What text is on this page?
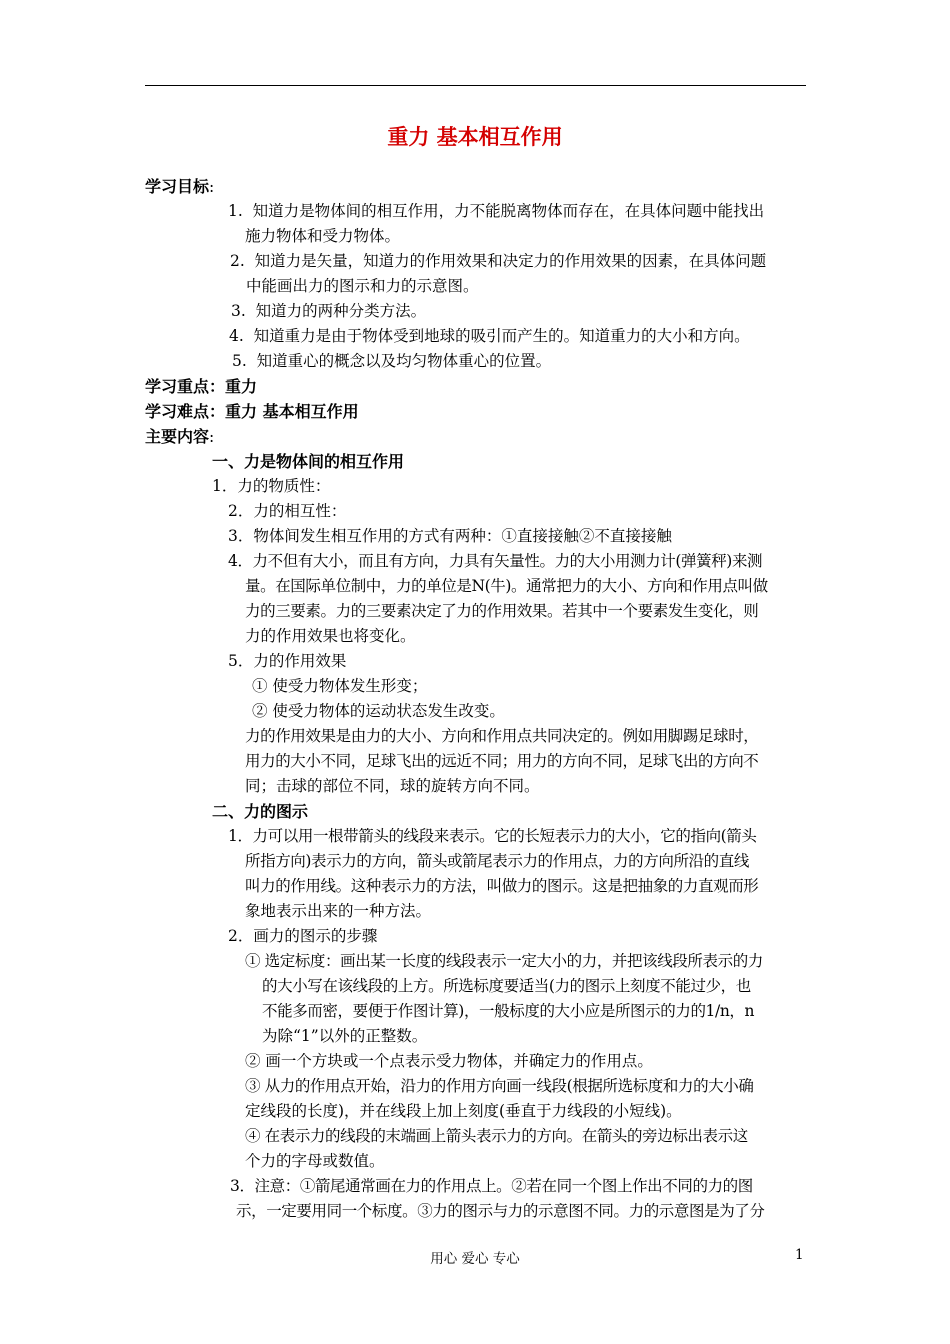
重力 基本相互作用
学习目标:
1. 知道力是物体间的相互作用，力不能脱离物体而存在，在具体问题中能找出
施力物体和受力物体。
2. 知道力是矢量，知道力的作用效果和决定力的作用效果的因素，在具体问题
中能画出力的图示和力的示意图。
3. 知道力的两种分类方法。
4. 知道重力是由于物体受到地球的吸引而产生的。知道重力的大小和方向。
5. 知道重心的概念以及均匀物体重心的位置。
学习重点：重力
学习难点：重力 基本相互作用
主要内容:
一、力是物体间的相互作用
1．力的物质性：
2．力的相互性：
3．物体间发生相互作用的方式有两种：①直接接触②不直接接触
4．力不但有大小，而且有方向，力具有矢量性。力的大小用测力计(弹簧秤)来测
量。在国际单位制中，力的单位是N(牛)。通常把力的大小、方向和作用点叫做
力的三要素。力的三要素决定了力的作用效果。若其中一个要素发生变化，则
力的作用效果也将变化。
5．力的作用效果
① 使受力物体发生形变；
② 使受力物体的运动状态发生改变。
力的作用效果是由力的大小、方向和作用点共同决定的。例如用脚踢足球时，
用力的大小不同，足球飞出的远近不同；用力的方向不同，足球飞出的方向不
同；击球的部位不同，球的旋转方向不同。
二、力的图示
1．力可以用一根带箭头的线段来表示。它的长短表示力的大小，它的指向(箭头
所指方向)表示力的方向，箭头或箭尾表示力的作用点，力的方向所沿的直线
叫力的作用线。这种表示力的方法，叫做力的图示。这是把抽象的力直观而形
象地表示出来的一种方法。
2．画力的图示的步骤
① 选定标度：画出某一长度的线段表示一定大小的力，并把该线段所表示的力
的大小写在该线段的上方。所选标度要适当(力的图示上刻度不能过少，也
不能多而密，要便于作图计算)，一般标度的大小应是所图示的力的1/n，n
为除“1”以外的正整数。
② 画一个方块或一个点表示受力物体，并确定力的作用点。
③ 从力的作用点开始，沿力的作用方向画一线段(根据所选标度和力的大小确
定线段的长度)，并在线段上加上刻度(垂直于力线段的小短线)。
④ 在表示力的线段的末端画上箭头表示力的方向。在箭头的旁边标出表示这
个力的字母或数值。
3．注意：①箭尾通常画在力的作用点上。②若在同一个图上作出不同的力的图
示，一定要用同一个标度。③力的图示与力的示意图不同。力的示意图是为了分
用心 爱心 专心	1
